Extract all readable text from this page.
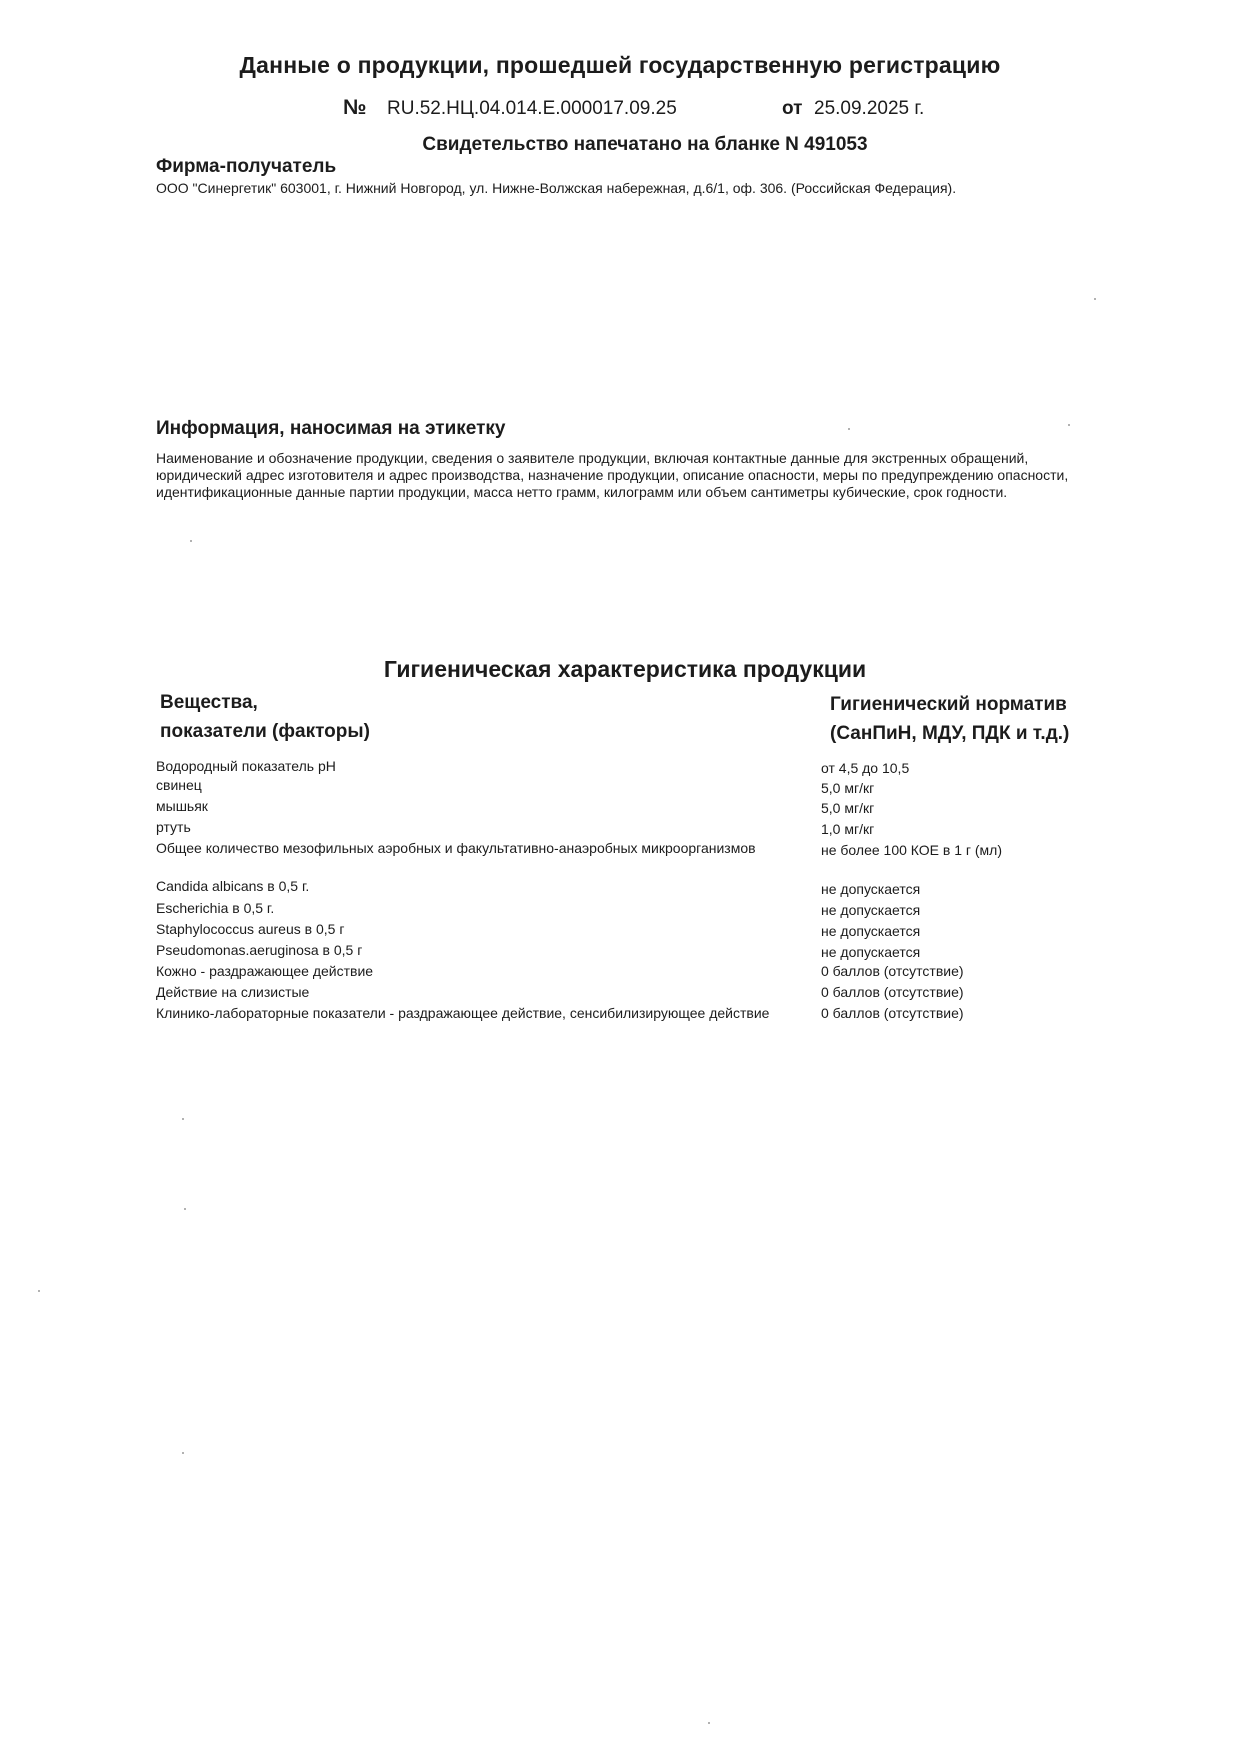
Данные о продукции, прошедшей государственную регистрацию
№ RU.52.НЦ.04.014.Е.000017.09.25	от 25.09.2025 г.
Свидетельство напечатано на бланке N 491053
Фирма-получатель
ООО "Синергетик" 603001, г. Нижний Новгород, ул. Нижне-Волжская набережная, д.6/1, оф. 306. (Российская Федерация).
Информация, наносимая на этикетку
Наименование и обозначение продукции, сведения о заявителе продукции, включая контактные данные для экстренных обращений, юридический адрес изготовителя и адрес производства, назначение продукции, описание опасности, меры по предупреждению опасности, идентификационные данные партии продукции, масса нетто грамм, килограмм или объем сантиметры кубические, срок годности.
Гигиеническая характеристика продукции
Вещества,
показатели (факторы)
Гигиенический норматив
(СанПиН, МДУ, ПДК и т.д.)
Водородный показатель pH	от 4,5 до 10,5
свинец	5,0 мг/кг
мышьяк	5,0 мг/кг
ртуть	1,0 мг/кг
Общее количество мезофильных аэробных и факультативно-анаэробных микроорганизмов	не более 100 КОЕ в 1 г (мл)
Candida albicans в 0,5 г.	не допускается
Escherichia в 0,5 г.	не допускается
Staphylococcus aureus в 0,5 г	не допускается
Pseudomonas.aeruginosa в 0,5 г	не допускается
Кожно - раздражающее действие	0 баллов (отсутствие)
Действие на слизистые	0 баллов (отсутствие)
Клинико-лабораторные показатели - раздражающее действие, сенсибилизирующее действие	0 баллов (отсутствие)
